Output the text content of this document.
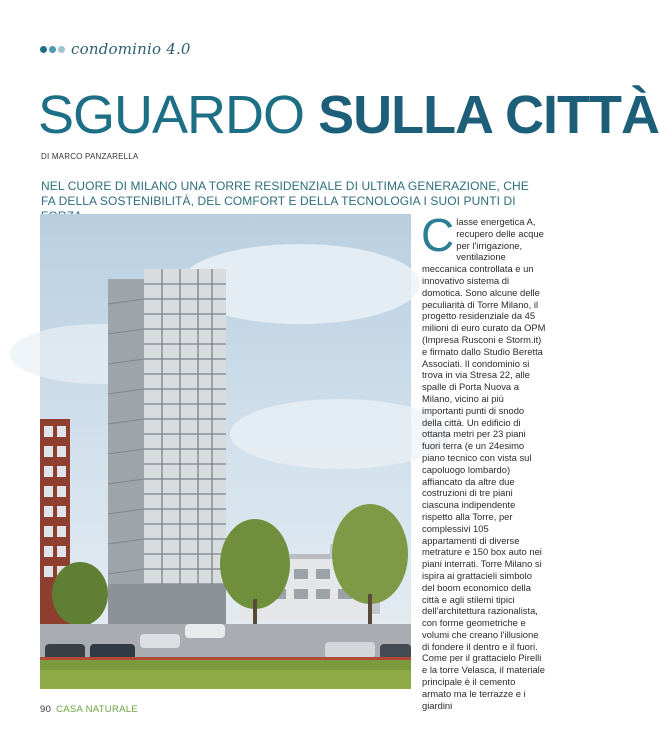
condominio 4.0
SGUARDO SULLA CITTÀ
DI MARCO PANZARELLA
NEL CUORE DI MILANO UNA TORRE RESIDENZIALE DI ULTIMA GENERAZIONE, CHE FA DELLA SOSTENIBILITÀ, DEL COMFORT E DELLA TECNOLOGIA I SUOI PUNTI DI
C lasse energetica A, recupero delle acque per l'irrigazione, ventilazione meccanica controllata e un innovativo sistema di domotica. Sono alcune delle peculiarità di Torre Milano, il progetto residenziale da 45 milioni di euro curato da OPM (Impresa Rusconi e Storm.it) e firmato dallo Studio Beretta Associati. Il condominio si trova in via Stresa 22, alle spalle di Porta Nuova a Milano, vicino ai più importanti punti di snodo della città. Un edificio di ottanta metri per 23 piani fuori terra (e un 24esimo piano tecnico con vista sul capoluogo lombardo) affiancato da altre due costruzioni di tre piani ciascuna indipendente rispetto alla Torre, per complessivi 105 appartamenti di diverse metrature e 150 box auto nei piani interrati. Torre Milano si ispira ai grattacieli simbolo del boom economico della città e agli stilemi tipici dell'architettura razionalista, con forme geometriche e volumi che creano l'illusione di fondere il dentro e il fuori. Come per il grattacielo Pirelli e la torre Velasca, il materiale principale è il cemento armato ma le terrazze e i giardini
90 CASA NATURALE
